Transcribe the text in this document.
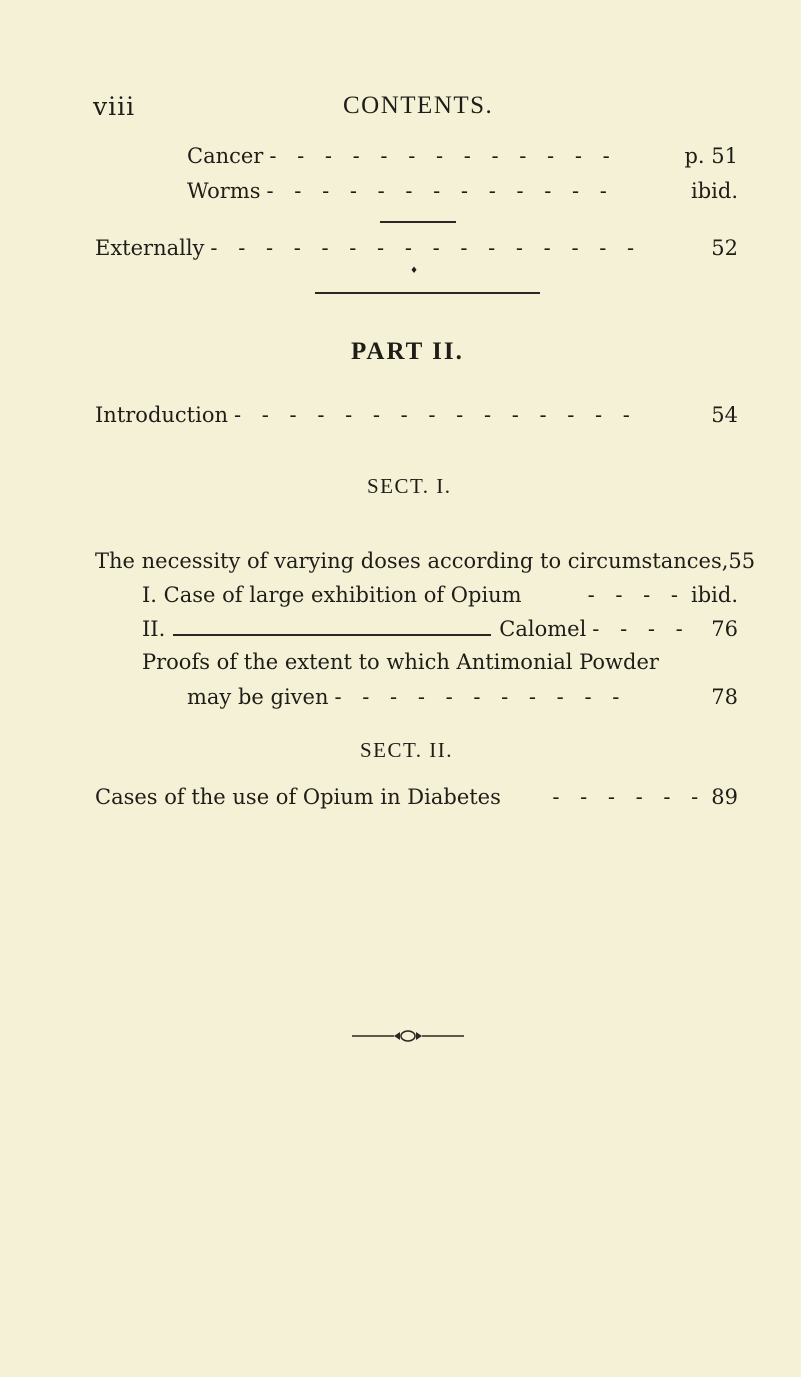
viii	CONTENTS.
Cancer - - - - - - - - - - - - -	p. 51
Worms - - - - - - - - - - - - -	ibid.
Externally - - - - - - - - - - - - - - - -	52
♦
PART II.
Introduction - - - - - - - - - - - - - - -	54
SECT. I.
The necessity of varying doses according to circumstances, 55
I. Case of large exhibition of Opium	- - - - ibid.
II.	Calomel - - - -	76
Proofs of the extent to which Antimonial Powder
may be given - - - - - - - - - - -	78
SECT. II.
Cases of the use of Opium in Diabetes	- - - - - - 89
